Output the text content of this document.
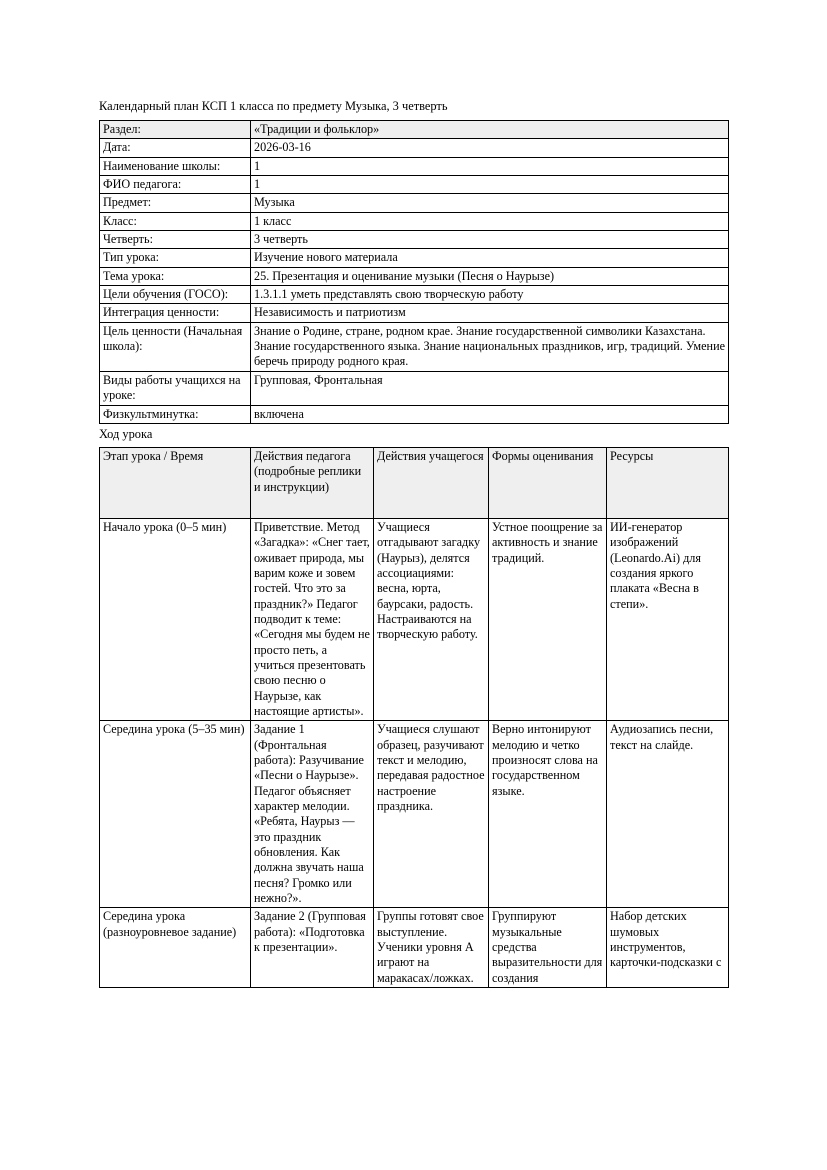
Календарный план КСП 1 класса по предмету Музыка, 3 четверть
Раздел:	«Традиции и фольклор»
Дата:	2026-03-16
Наименование школы:	1
ФИО педагога:	1
Предмет:	Музыка
Класс:	1 класс
Четверть:	3 четверть
Тип урока:	Изучение нового материала
Тема урока:	25. Презентация и оценивание музыки (Песня о Наурызе)
Цели обучения (ГОСО):	1.3.1.1 уметь представлять свою творческую работу
Интеграция ценности:	Независимость и патриотизм
Цель ценности (Начальная школа):	Знание о Родине, стране, родном крае. Знание государственной символики Казахстана. Знание государственного языка. Знание национальных праздников, игр, традиций. Умение беречь природу родного края.
Виды работы учащихся на уроке:	Групповая, Фронтальная
Физкультминутка:	включена
Ход урока
Этап урока / Время	Действия педагога (подробные реплики и инструкции)	Действия учащегося	Формы оценивания	Ресурсы
Начало урока (0–5 мин)	Приветствие. Метод «Загадка»: «Снег тает, оживает природа, мы варим коже и зовем гостей. Что это за праздник?» Педагог подводит к теме: «Сегодня мы будем не просто петь, а учиться презентовать свою песню о Наурызе, как настоящие артисты».	Учащиеся отгадывают загадку (Наурыз), делятся ассоциациями: весна, юрта, баурсаки, радость. Настраиваются на творческую работу.	Устное поощрение за активность и знание традиций.	ИИ-генератор изображений (Leonardo.Ai) для создания яркого плаката «Весна в степи».
Середина урока (5–35 мин)	Задание 1 (Фронтальная работа): Разучивание «Песни о Наурызе». Педагог объясняет характер мелодии. «Ребята, Наурыз — это праздник обновления. Как должна звучать наша песня? Громко или нежно?».	Учащиеся слушают образец, разучивают текст и мелодию, передавая радостное настроение праздника.	Верно интонируют мелодию и четко произносят слова на государственном языке.	Аудиозапись песни, текст на слайде.
Середина урока (разноуровневое задание)	Задание 2 (Групповая работа): «Подготовка к презентации».	Группы готовят свое выступление. Ученики уровня А играют на маракасах/ложках.	Группируют музыкальные средства выразительности для создания	Набор детских шумовых инструментов, карточки-подсказки с
